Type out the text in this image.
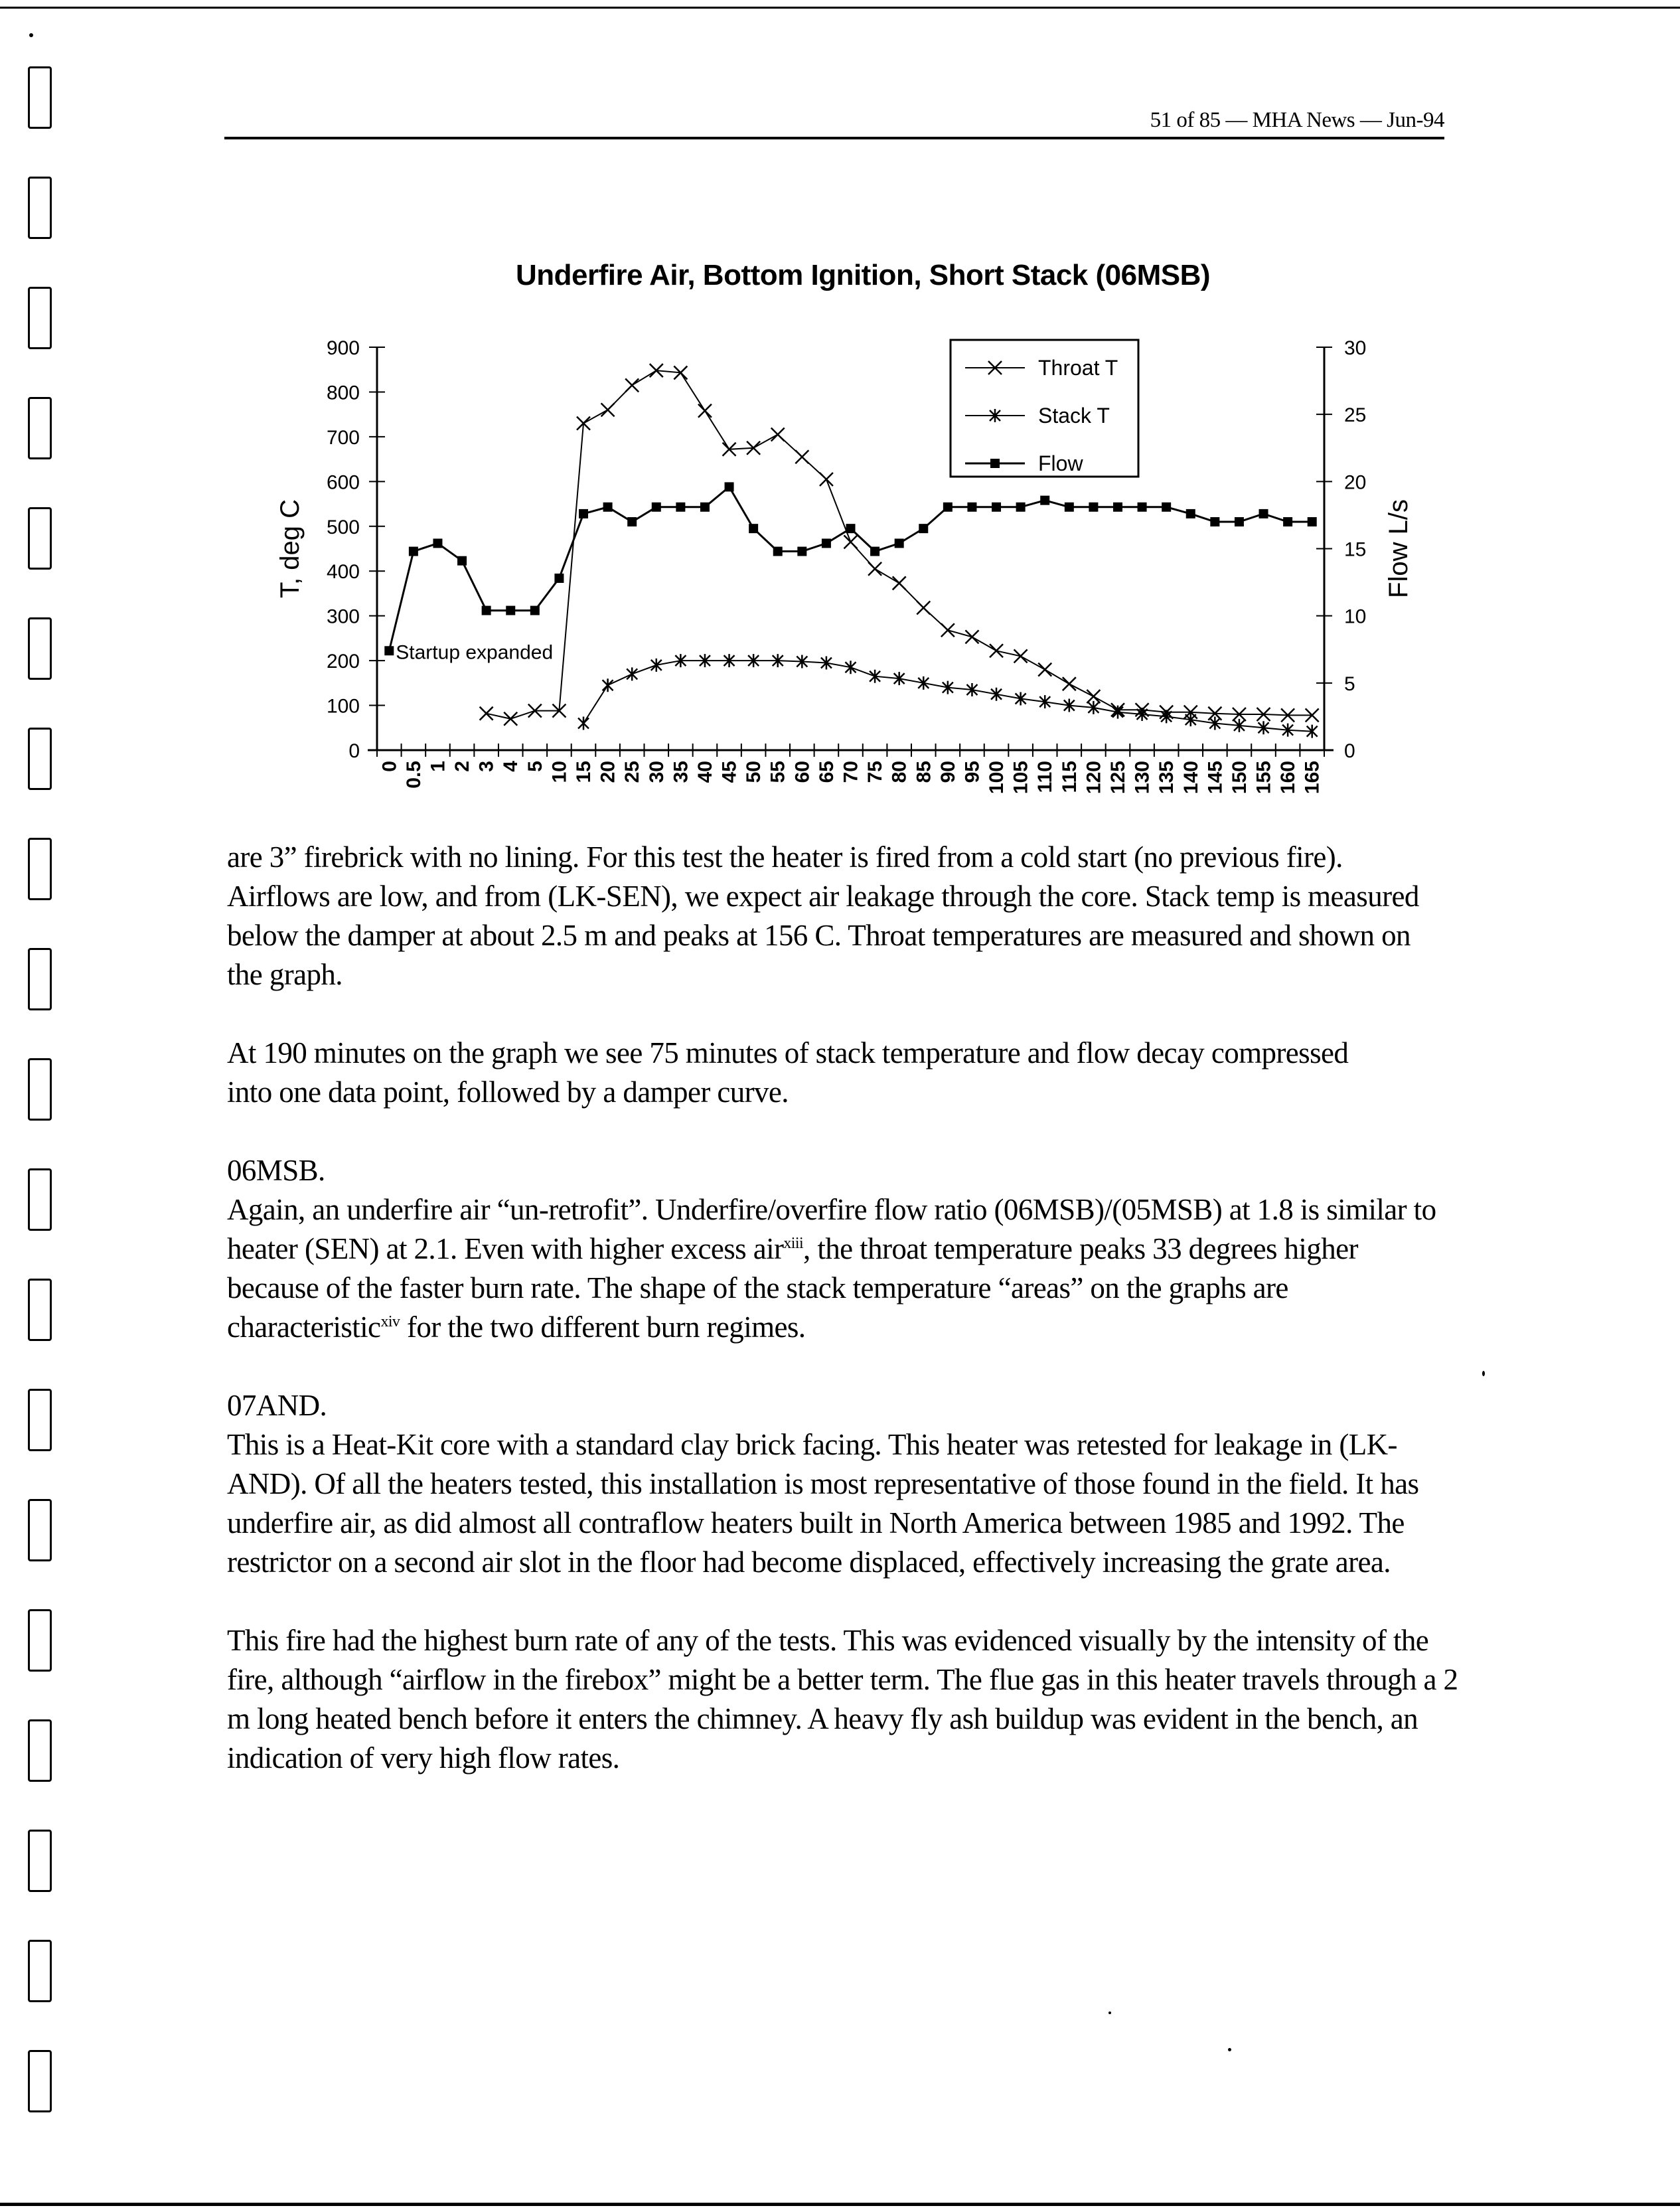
51 of 85 — MHA News — Jun-94
Underfire Air, Bottom Ignition, Short Stack (06MSB)
0
100
200
300
400
500
600
700
800
900
0
5
10
15
20
25
30
0 0.5 1 2 3 4 5 10 15 20 25 30 35 40 45 50 55 60 65 70 75 80 85 90 95 100 105 110 115 120 125 130 135 140 145 150 155 160 165
T, deg C	Flow L/s
Startup expanded
Throat T
Stack T
Flow

are 3” firebrick with no lining. For this test the heater is fired from a cold start (no previous fire). Airflows are low, and from (LK-SEN), we expect air leakage through the core. Stack temp is measured below the damper at about 2.5 m and peaks at 156 C. Throat temperatures are measured and shown on the graph.

At 190 minutes on the graph we see 75 minutes of stack temperature and flow decay compressed into one data point, followed by a damper curve.

06MSB.

Again, an underfire air “un-retrofit”. Underfire/overfire flow ratio (06MSB)/(05MSB) at 1.8 is similar to heater (SEN) at 2.1. Even with higher excess air$^{xiii}$, the throat temperature peaks 33 degrees higher because of the faster burn rate. The shape of the stack temperature “areas” on the graphs are characteristic$^{xiv}$ for the two different burn regimes.

07AND.

This is a Heat-Kit core with a standard clay brick facing. This heater was retested for leakage in (LK-AND). Of all the heaters tested, this installation is most representative of those found in the field. It has underfire air, as did almost all contraflow heaters built in North America between 1985 and 1992. The restrictor on a second air slot in the floor had become displaced, effectively increasing the grate area.

This fire had the highest burn rate of any of the tests. This was evidenced visually by the intensity of the fire, although “airflow in the firebox” might be a better term. The flue gas in this heater travels through a 2 m long heated bench before it enters the chimney. A heavy fly ash buildup was evident in the bench, an indication of very high flow rates.
